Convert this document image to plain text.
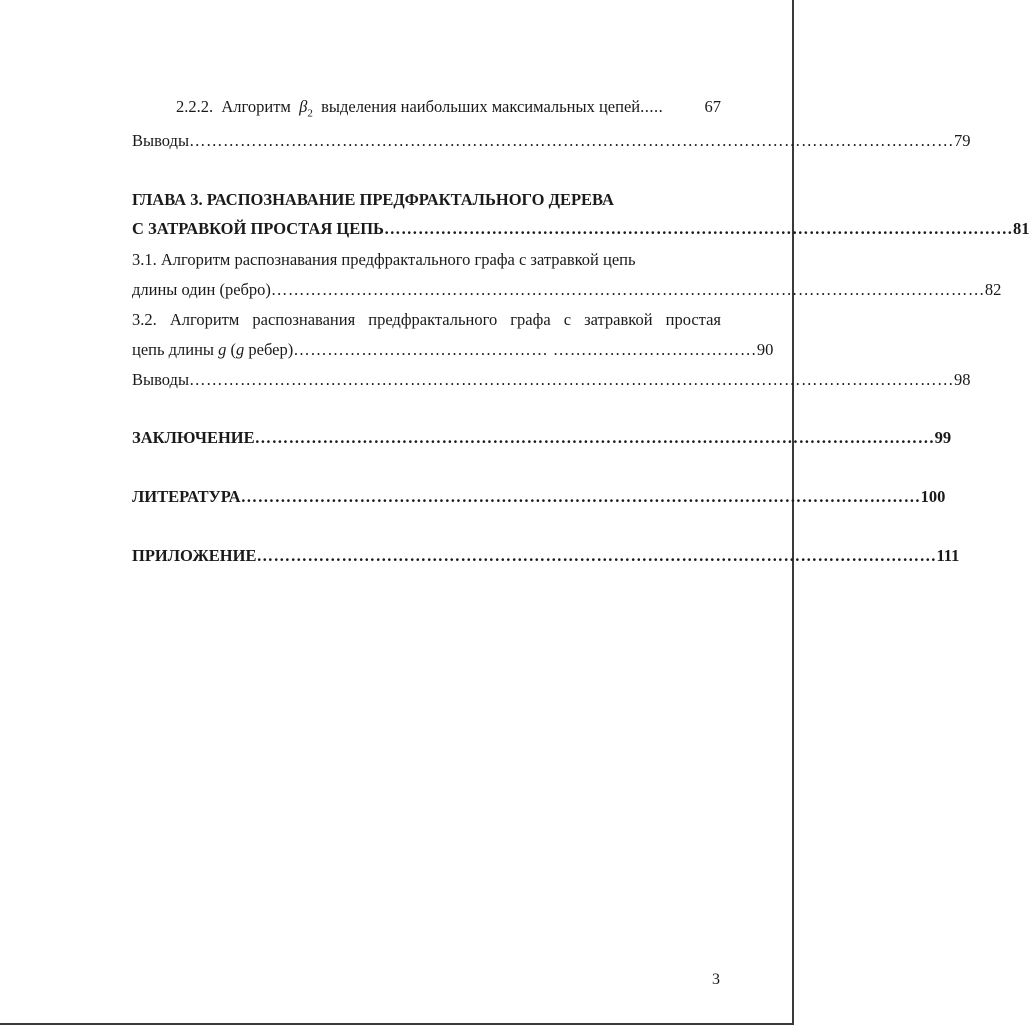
2.2.2.
Алгоритм
$\beta_2$
выделения наибольших максимальных цепей .....	67
Выводы ……………………………………………………………………………………………………………………… 79
ГЛАВА 3. РАСПОЗНАВАНИЕ ПРЕДФРАКТАЛЬНОГО ДЕРЕВА
С ЗАТРАВКОЙ ПРОСТАЯ ЦЕПЬ ………………………………………………………………………………………………… 81
3.1. Алгоритм распознавания предфрактального графа с затравкой цепь
длины один (ребро) ……………………………………………………………………………………………………………… 82
3.2. Алгоритм распознавания предфрактального графа с затравкой простая
цепь длины g (g ребер) ……………………………………… ……………………………… 90
Выводы ……………………………………………………………………………………………………………………… 98
ЗАКЛЮЧЕНИЕ ………………………………………………………………………………………………………… 99
ЛИТЕРАТУРА ………………………………………………………………………………………………………… 100
ПРИЛОЖЕНИЕ ………………………………………………………………………………………………………… 111
3
